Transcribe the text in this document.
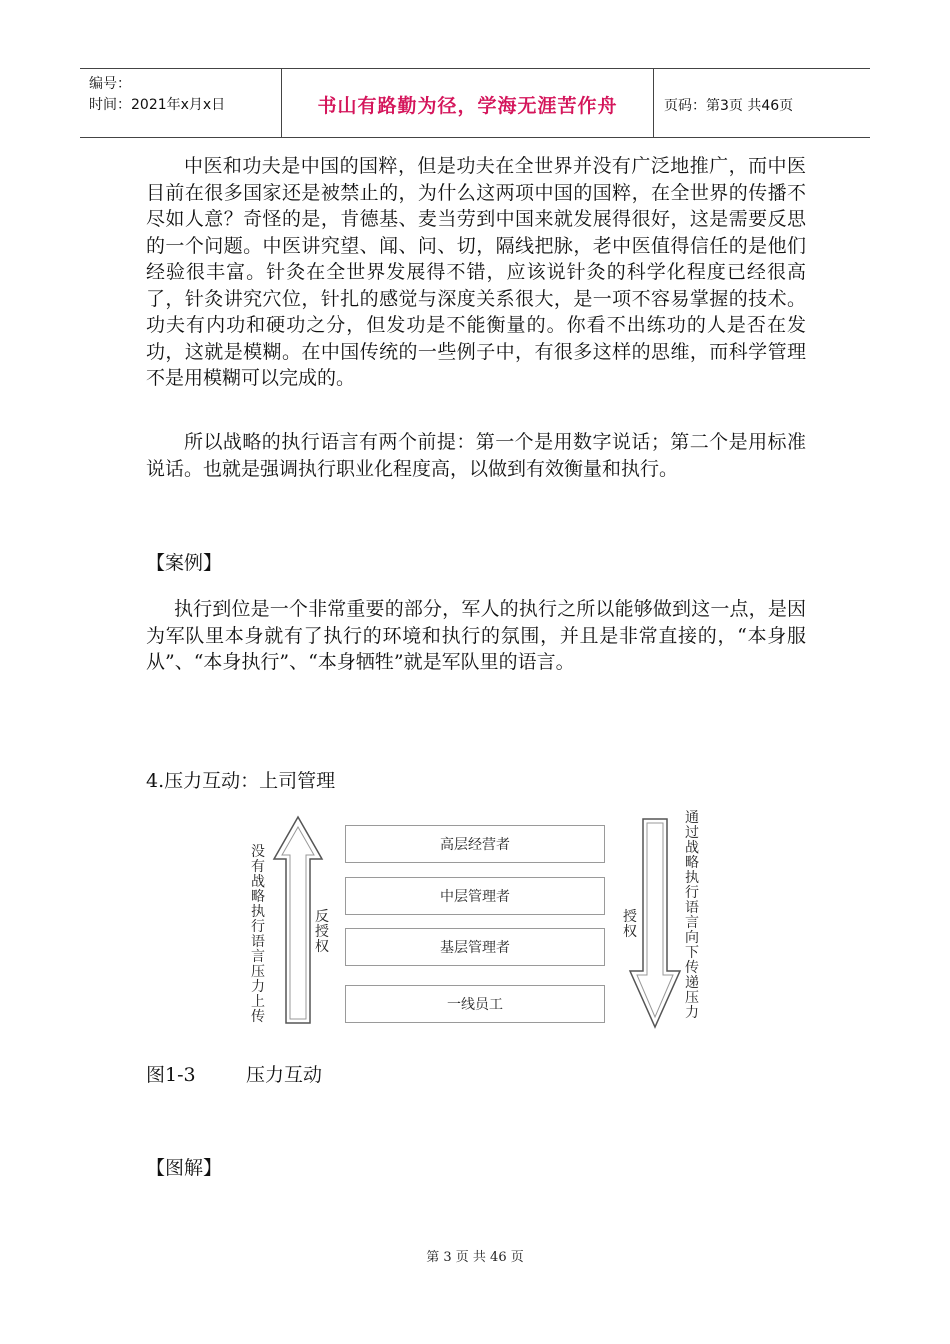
编号：
时间：2021年x月x日	书山有路勤为径，学海无涯苦作舟	页码：第3页 共46页

中医和功夫是中国的国粹，但是功夫在全世界并没有广泛地推广，而中医目前在很多国家还是被禁止的，为什么这两项中国的国粹，在全世界的传播不尽如人意？奇怪的是，肯德基、麦当劳到中国来就发展得很好，这是需要反思的一个问题。中医讲究望、闻、问、切，隔线把脉，老中医值得信任的是他们经验很丰富。针灸在全世界发展得不错，应该说针灸的科学化程度已经很高了，针灸讲究穴位，针扎的感觉与深度关系很大，是一项不容易掌握的技术。功夫有内功和硬功之分，但发功是不能衡量的。你看不出练功的人是否在发功，这就是模糊。在中国传统的一些例子中，有很多这样的思维，而科学管理不是用模糊可以完成的。

所以战略的执行语言有两个前提：第一个是用数字说话；第二个是用标准说话。也就是强调执行职业化程度高，以做到有效衡量和执行。

【案例】

执行到位是一个非常重要的部分，军人的执行之所以能够做到这一点，是因为军队里本身就有了执行的环境和执行的氛围，并且是非常直接的，“本身服从”、“本身执行”、“本身牺牲”就是军队里的语言。

4.压力互动：上司管理

高层经营者
中层管理者
基层管理者
一线员工
没有战略执行语言压力上传
反授权
授权
通过战略执行语言向下传递压力

图1-3	压力互动

【图解】

第 3 页 共 46 页
